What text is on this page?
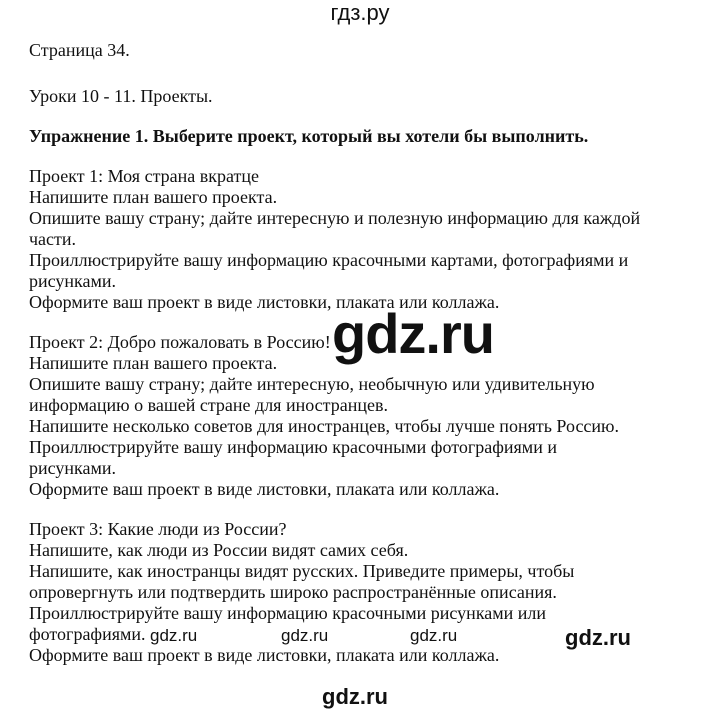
гдз.ру
Страница 34.
Уроки 10 - 11. Проекты.
Упражнение 1. Выберите проект, который вы хотели бы выполнить.
Проект 1: Моя страна вкратце
Напишите план вашего проекта.
Опишите вашу страну; дайте интересную и полезную информацию для каждой
части.
Проиллюстрируйте вашу информацию красочными картами, фотографиями и
рисунками.
Оформите ваш проект в виде листовки, плаката или коллажа.
Проект 2: Добро пожаловать в Россию!
Напишите план вашего проекта.
Опишите вашу страну; дайте интересную, необычную или удивительную
информацию о вашей стране для иностранцев.
Напишите несколько советов для иностранцев, чтобы лучше понять Россию.
Проиллюстрируйте вашу информацию красочными фотографиями и
рисунками.
Оформите ваш проект в виде листовки, плаката или коллажа.
Проект 3: Какие люди из России?
Напишите, как люди из России видят самих себя.
Напишите, как иностранцы видят русских. Приведите примеры, чтобы
опровергнуть или подтвердить широко распространённые описания.
Проиллюстрируйте вашу информацию красочными рисунками или
фотографиями.
Оформите ваш проект в виде листовки, плаката или коллажа.
gdz.ru
gdz.ru	gdz.ru	gdz.ru	gdz.ru
gdz.ru
